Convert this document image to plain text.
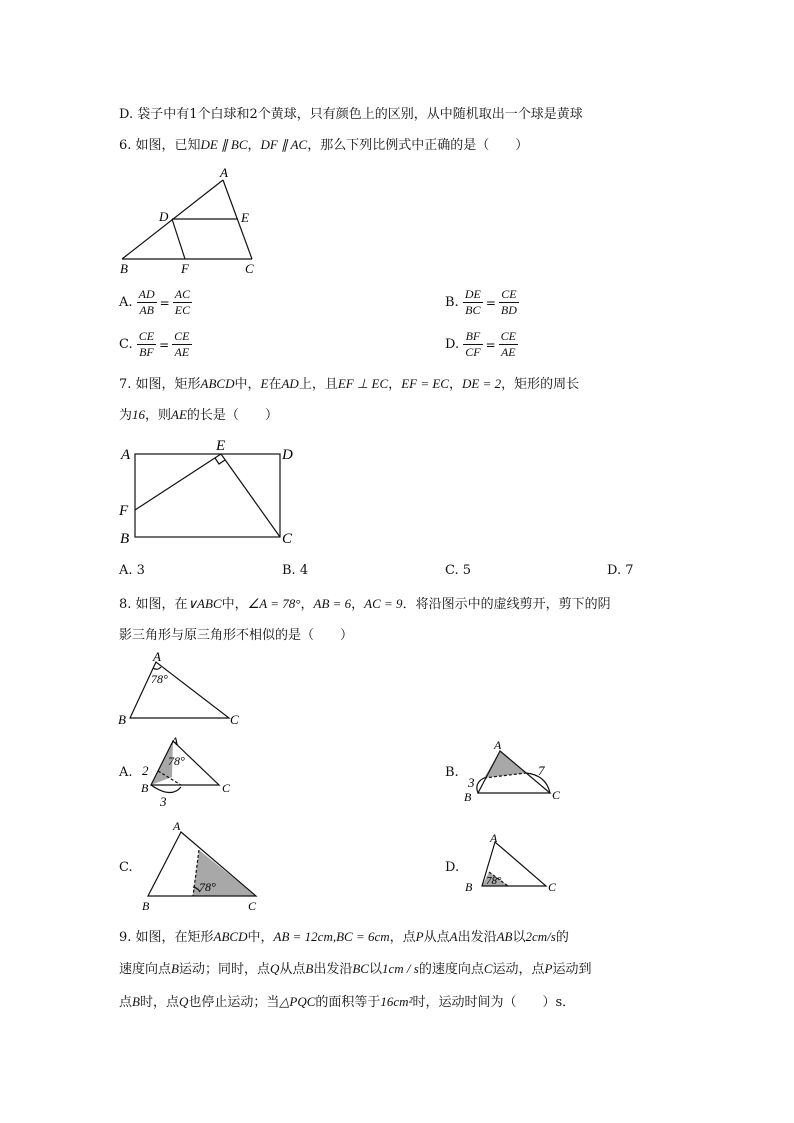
D. 袋子中有1个白球和2个黄球，只有颜色上的区别，从中随机取出一个球是黄球
6. 如图，已知DE ∥ BC，DF ∥ AC，那么下列比例式中正确的是（ ）
A
D	E
B	F	C
A. $\frac{AD}{AB} = \frac{AC}{EC}$	B. $\frac{DE}{BC} = \frac{CE}{BD}$
C. $\frac{CE}{BF} = \frac{CE}{AE}$	D. $\frac{BF}{CF} = \frac{CE}{AE}$
7. 如图，矩形ABCD中，E在AD上，且EF ⊥ EC，EF = EC，DE = 2，矩形的周长
为16，则AE的长是（ ）
A
E
D
F
B	C
A. 3	B. 4	C. 5	D. 7
8. 如图，在∨ABC中，∠A = 78°，AB = 6，AC = 9．将沿图示中的虚线剪开，剪下的阴
影三角形与原三角形不相似的是（ ）
A
78°
B	C
A.
A
78°
2
B	C
3
B.
A
3
7
B	C
C.
A
78°
B	C
D.
A
78°
B	C
9. 如图，在矩形ABCD中，AB = 12cm,BC = 6cm，点P从点A出发沿AB以2cm/s的
速度向点B运动；同时，点Q从点B出发沿BC以1cm / s的速度向点C运动，点P运动到
点B时，点Q也停止运动；当△PQC的面积等于16cm²时，运动时间为（ ）s．
